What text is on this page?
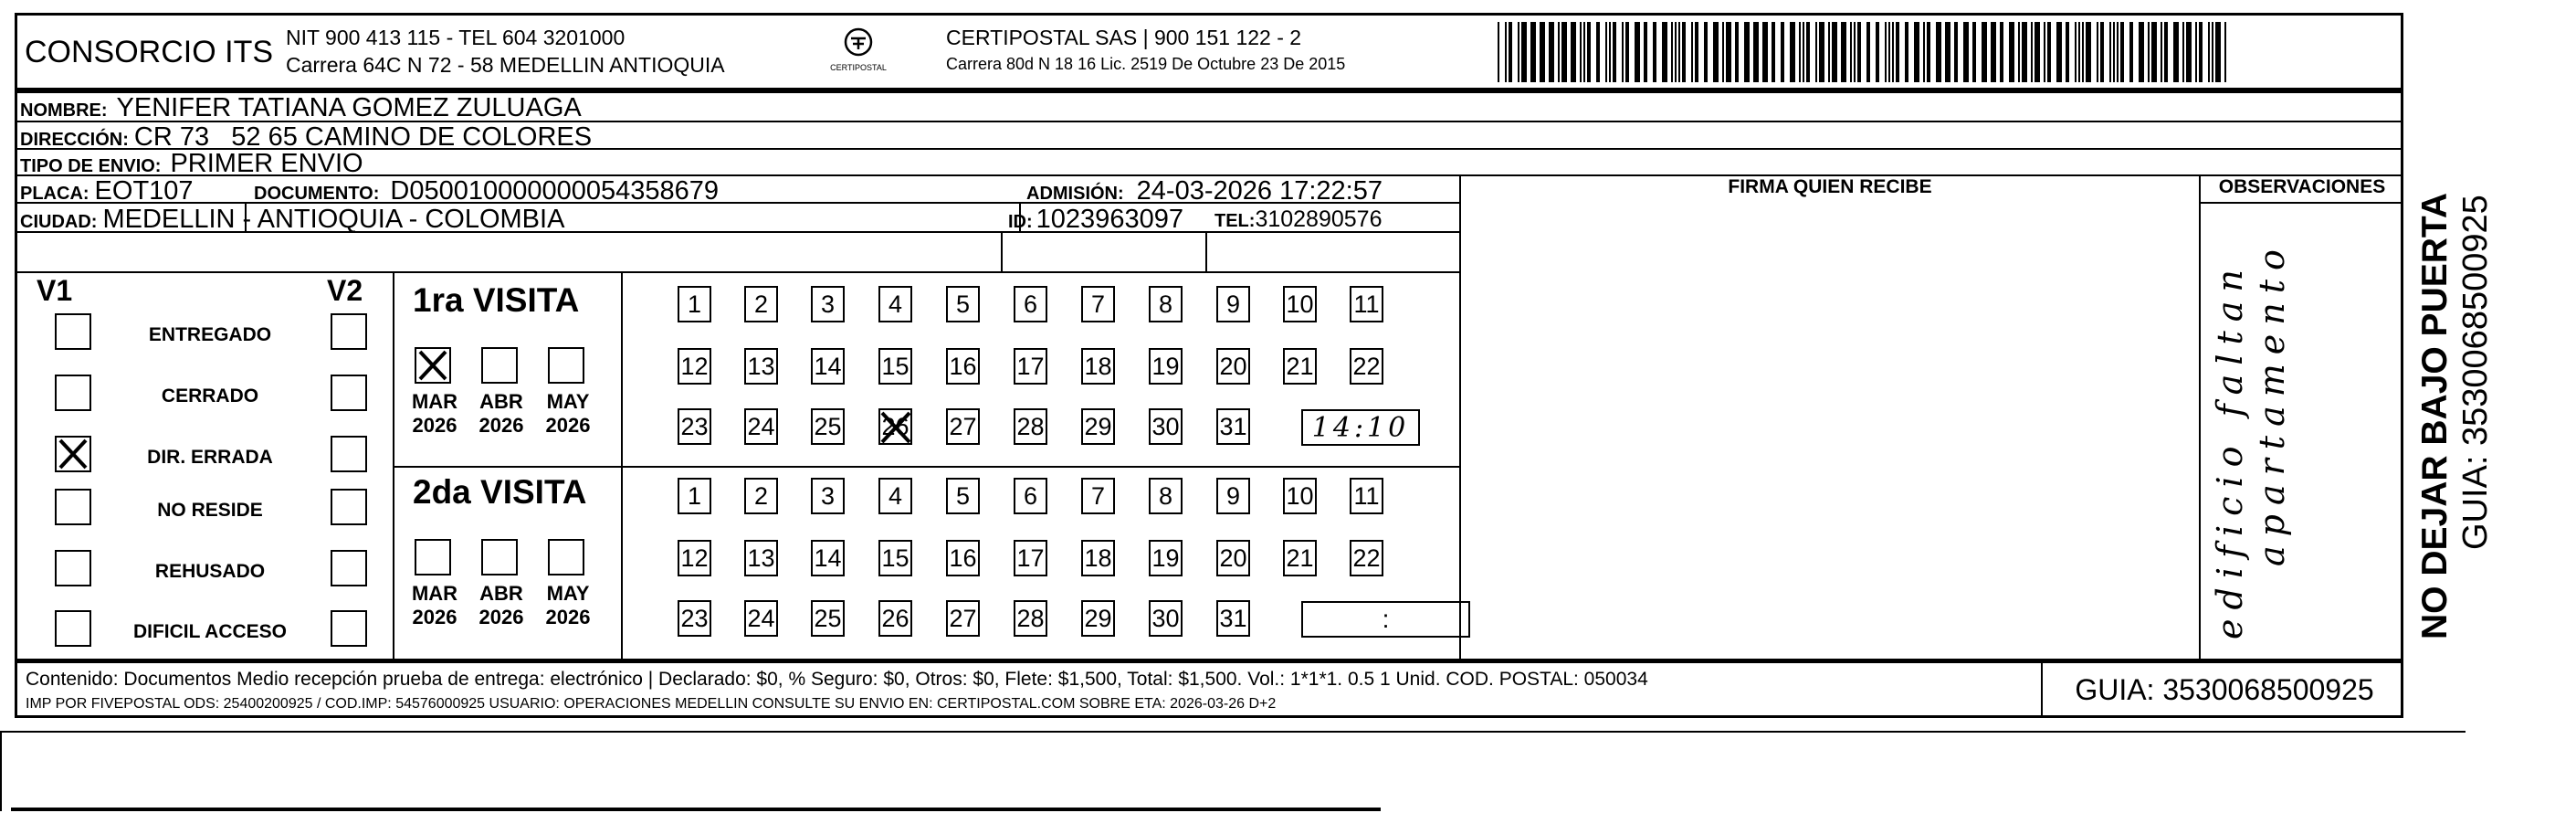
CONSORCIO ITS NIT 900 413 115 - TEL 604 3201000
Carrera 64C N 72 - 58 MEDELLIN ANTIOQUIA	CERTIPOSTAL
CERTIPOSTAL SAS | 900 151 122 - 2
Carrera 80d N 18 16 Lic. 2519 De Octubre 23 De 2015
NOMBRE: YENIFER TATIANA GOMEZ ZULUAGA
DIRECCIÓN: CR 73   52 65 CAMINO DE COLORES
TIPO DE ENVIO: PRIMER ENVIO
PLACA: EOT107	DOCUMENTO: D050010000000054358679	ADMISIÓN: 24-03-2026 17:22:57
CIUDAD: MEDELLIN - ANTIOQUIA - COLOMBIA	ID: 1023963097 TEL: 3102890576
FIRMA QUIEN RECIBE	OBSERVACIONES
edificio faltan apartamento
V1	V2
ENTREGADO
CERRADO
DIR. ERRADA
NO RESIDE
REHUSADO
DIFICIL ACCESO
1ra VISITA
MAR
2026
ABR
2026
MAY
2026
1 2 3 4 5 6 7 8 9 10 11
12 13 14 15 16 17 18 19 20 21 22
23 24 25 26 27 28 29 30 31 14:10
2da VISITA
MAR
2026
ABR
2026
MAY
2026
1 2 3 4 5 6 7 8 9 10 11
12 13 14 15 16 17 18 19 20 21 22
23 24 25 26 27 28 29 30 31	:
Contenido: Documentos Medio recepción prueba de entrega: electrónico | Declarado: $0, % Seguro: $0, Otros: $0, Flete: $1,500, Total: $1,500. Vol.: 1*1*1. 0.5 1 Unid. COD. POSTAL: 050034
IMP POR FIVEPOSTAL ODS: 25400200925 / COD.IMP: 54576000925 USUARIO: OPERACIONES MEDELLIN CONSULTE SU ENVIO EN: CERTIPOSTAL.COM SOBRE ETA: 2026-03-26 D+2	GUIA: 3530068500925
NO DEJAR BAJO PUERTA GUIA: 3530068500925
